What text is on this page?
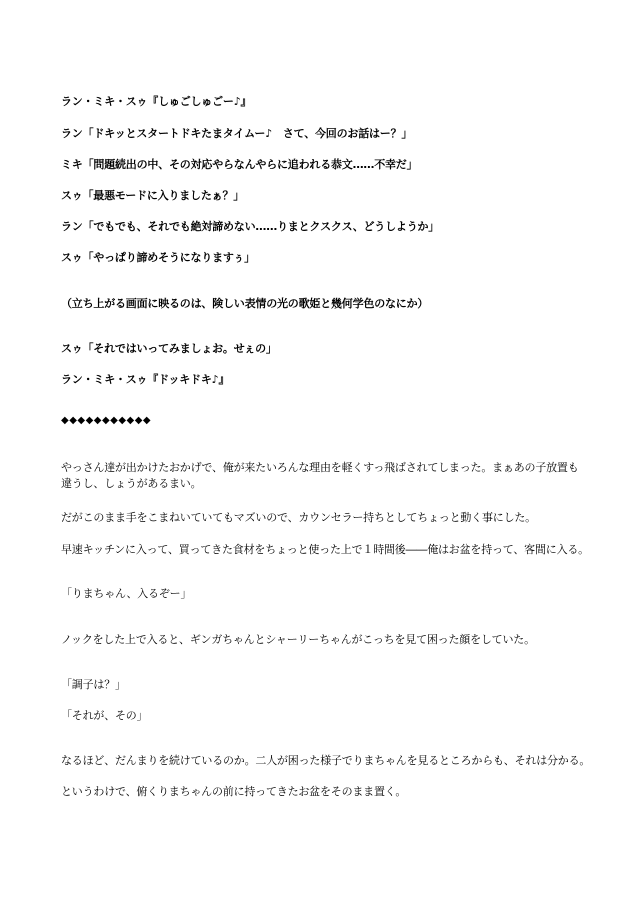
ラン・ミキ・スゥ『しゅごしゅごー♪』

ラン「ドキッとスタートドキたまタイムー♪　さて、今回のお話はー？」

ミキ「問題続出の中、その対応やらなんやらに追われる恭文……不幸だ」

スゥ「最悪モードに入りましたぁ？」

ラン「でもでも、それでも絶対諦めない……りまとクスクス、どうしようか」

スゥ「やっぱり諦めそうになりますぅ」

（立ち上がる画面に映るのは、険しい表情の光の歌姫と幾何学色のなにか）

スゥ「それではいってみましょお。せぇの」

ラン・ミキ・スゥ『ドッキドキ♪』

◆◆◆◆◆◆◆◆◆◆◆

やっさん達が出かけたおかげで、俺が来たいろんな理由を軽くすっ飛ばされてしまった。まぁあの子放置も違うし、しょうがあるまい。

だがこのまま手をこまねいていてもマズいので、カウンセラー持ちとしてちょっと動く事にした。

早速キッチンに入って、買ってきた食材をちょっと使った上で１時間後――俺はお盆を持って、客間に入る。

「りまちゃん、入るぞー」

ノックをした上で入ると、ギンガちゃんとシャーリーちゃんがこっちを見て困った顔をしていた。

「調子は？」

「それが、その」

なるほど、だんまりを続けているのか。二人が困った様子でりまちゃんを見るところからも、それは分かる。

というわけで、俯くりまちゃんの前に持ってきたお盆をそのまま置く。
